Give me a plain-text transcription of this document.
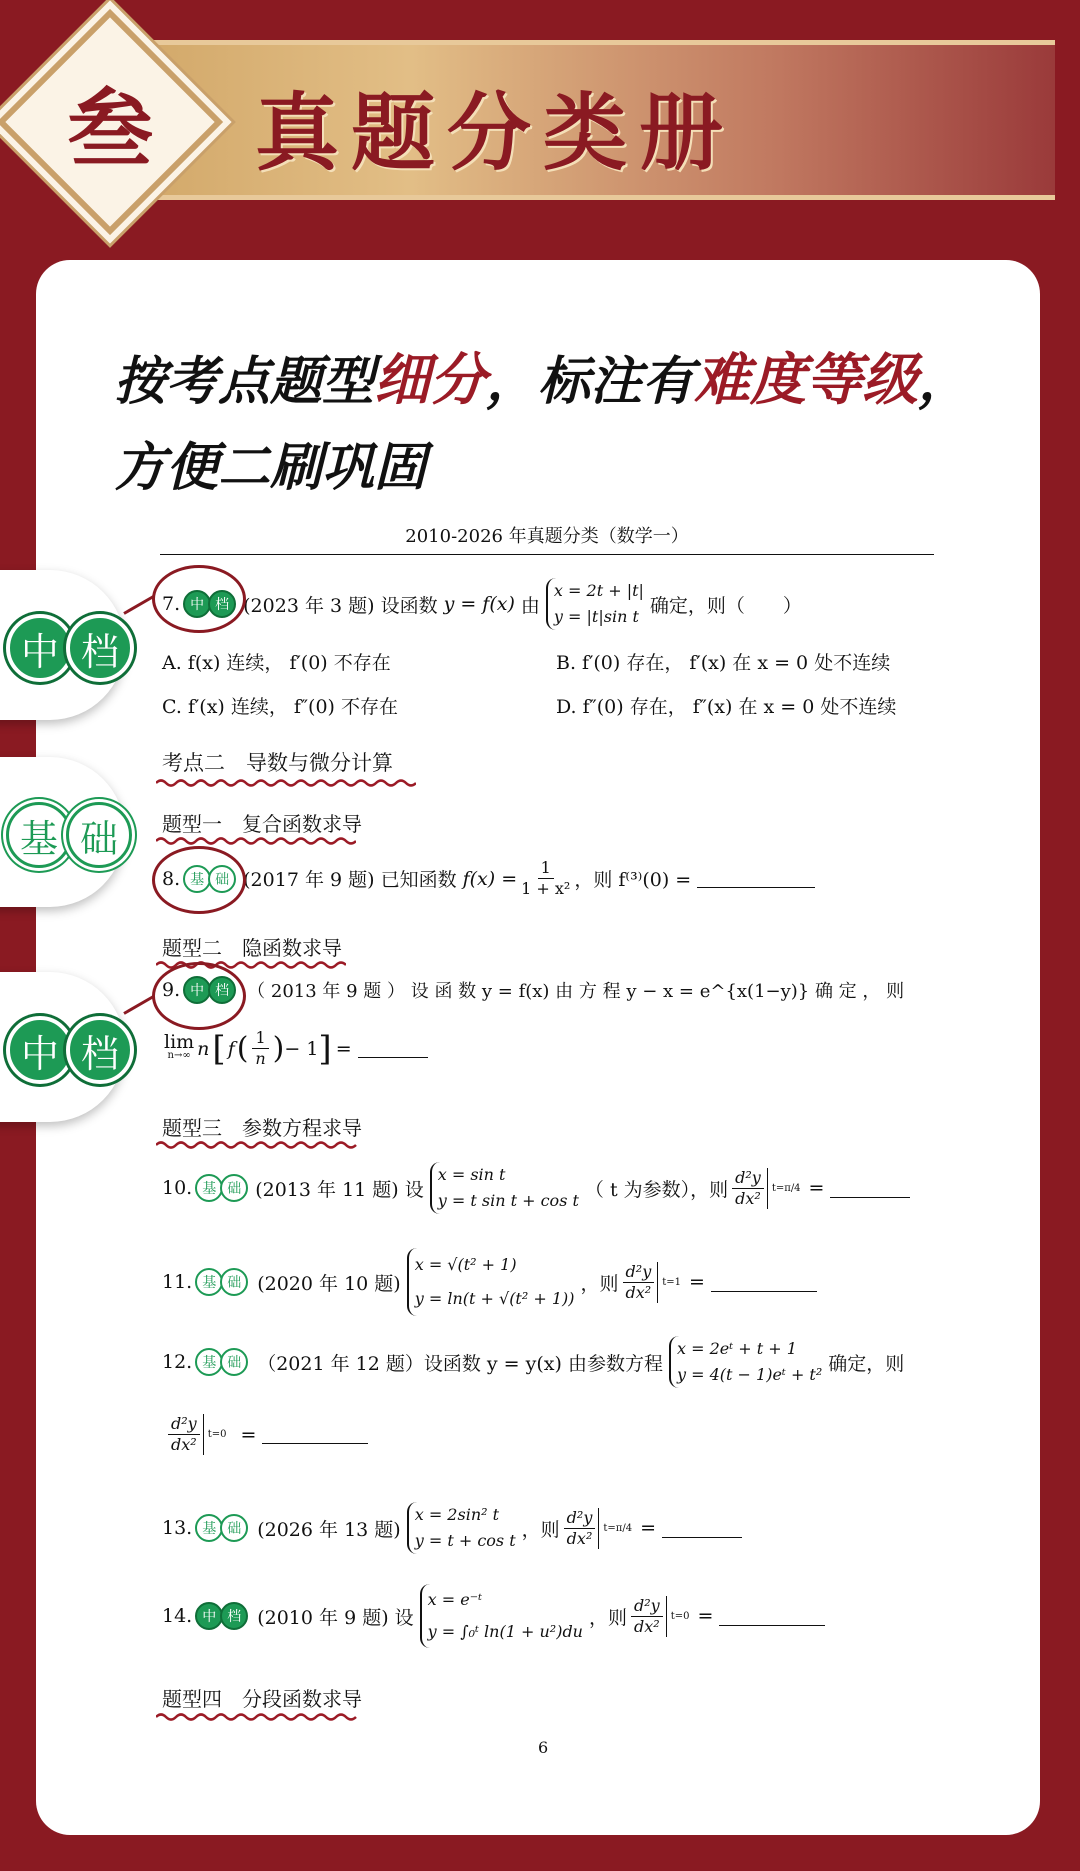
叁	真题分类册
按考点题型细分，标注有难度等级，
方便二刷巩固
2010-2026 年真题分类（数学一）
7. 中 档 (2023 年 3 题) 设函数 y = f(x) 由
x = 2t + |t|
y = |t|sin t 确定，则（　　）
A. f(x) 连续， f′(0) 不存在	B. f′(0) 存在， f′(x) 在 x = 0 处不连续
C. f′(x) 连续， f″(0) 不存在	D. f″(0) 存在， f″(x) 在 x = 0 处不连续
考点二　导数与微分计算
题型一　复合函数求导
8. 基 础 (2017 年 9 题) 已知函数 $f(x) = \frac{1}{\text{1 + x²}}$ ，则 f⁽³⁾(0) =
题型二　隐函数求导
9. 中 档	（ 2013 年 9 题 ） 设 函 数 y = f(x) 由 方 程 y − x = e^{x(1−y)} 确 定 ， 则
lim
n→∞ n [ f ( $\frac{1}{n}$ ) − 1 ] =
题型三　参数方程求导
10. 基 础 (2013 年 11 题) 设
x = sin t
y = t sin t + cos t （ t 为参数），则 $\frac{\text{d²y}}{\text{dx²}} t=\pi/4$ =
11. 基 础 (2020 年 10 题)
x = √(t² + 1)
y = ln(t + √(t² + 1))
，则 $\frac{\text{d²y}}{\text{dx²}} t=1$ =
12. 基 础 （2021 年 12 题）设函数 y = y(x) 由参数方程
x = 2eᵗ + t + 1
y = 4(t − 1)eᵗ + t² 确定，则
$\frac{\text{d²y}}{\text{dx²}} t=0$ =
13. 基 础 (2026 年 13 题)
x = 2sin² t
y = t + cos t ，则 $\frac{\text{d²y}}{\text{dx²}} t=\pi/4$ =
14. 中 档 (2010 年 9 题) 设
x = e⁻ᵗ
y = ∫₀ᵗ ln(1 + u²)du
，则 $\frac{\text{d²y}}{\text{dx²}} t=0$ =
题型四　分段函数求导
6
中 档
基 础
中 档
